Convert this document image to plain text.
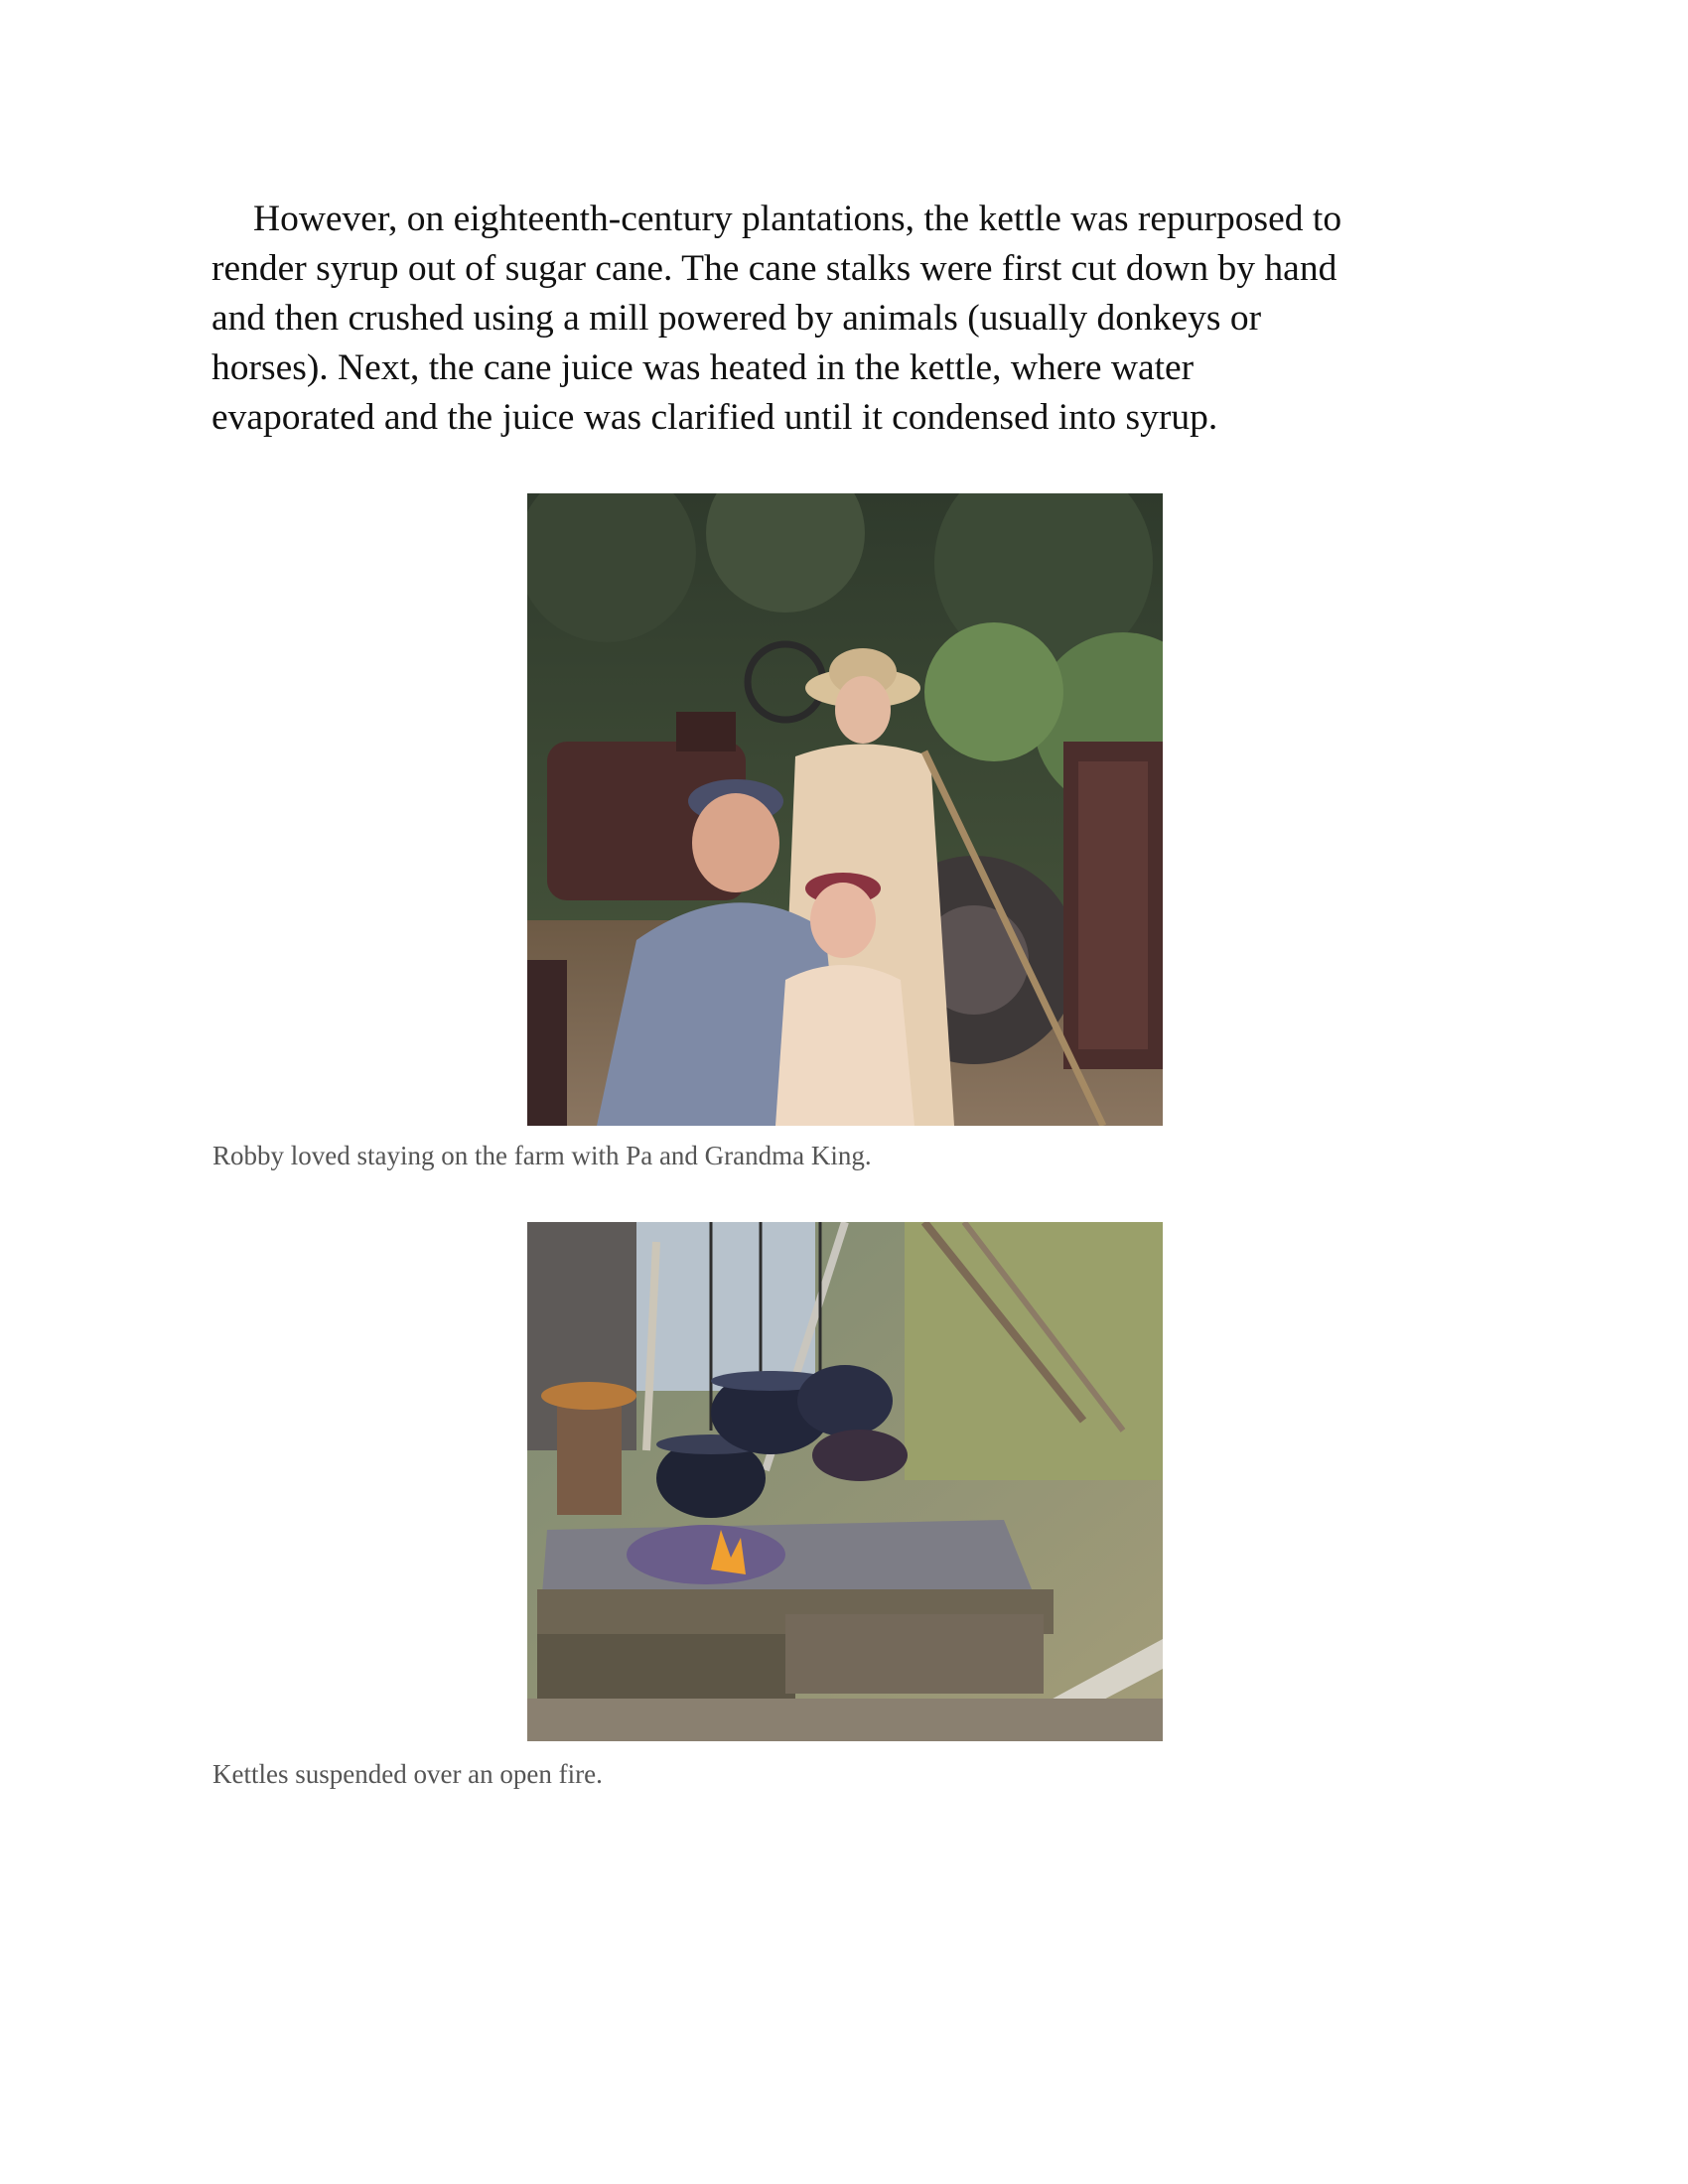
However, on eighteenth-century plantations, the kettle was repurposed to
render syrup out of sugar cane. The cane stalks were first cut down by hand
and then crushed using a mill powered by animals (usually donkeys or
horses). Next, the cane juice was heated in the kettle, where water
evaporated and the juice was clarified until it condensed into syrup.

Robby loved staying on the farm with Pa and Grandma King.

Kettles suspended over an open fire.
